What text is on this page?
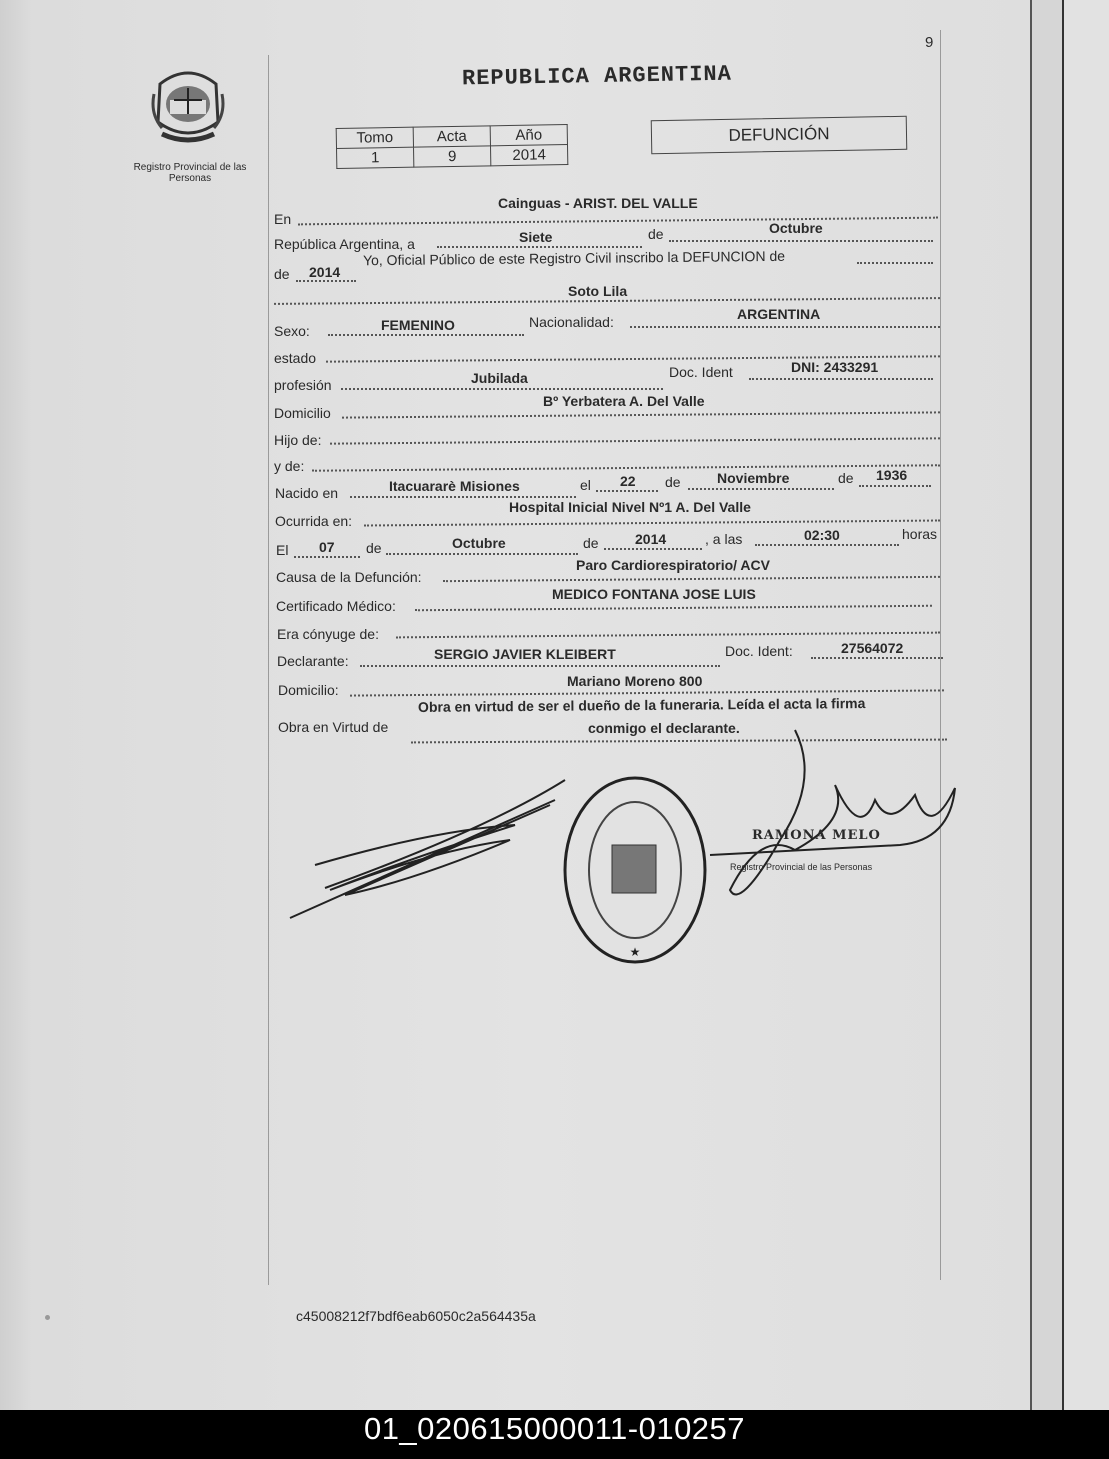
9
Registro Provincial de las Personas
REPUBLICA ARGENTINA
Tomo	Acta	Año
1	9	2014
DEFUNCIÓN
En
Cainguas - ARIST. DEL VALLE
República Argentina, a	Siete	de	Octubre
de 2014
Yo, Oficial Público de este Registro Civil inscribo la DEFUNCION de
Soto Lila
Sexo:	FEMENINO	Nacionalidad:	ARGENTINA
estado
profesión	Jubilada	Doc. Ident	DNI: 2433291
Domicilio
Bº Yerbatera A. Del Valle
Hijo de:
y de:
Nacido en	Itacuararè Misiones	el 22 de	Noviembre	de 1936
Ocurrida en:
Hospital Inicial Nivel Nº1 A. Del Valle
El 07 de	Octubre	de	2014	, a las	02:30	horas
Causa de la Defunción:
Paro Cardiorespiratorio/ ACV
Certificado Médico:
MEDICO FONTANA JOSE LUIS
Era cónyuge de:
Declarante:	SERGIO JAVIER KLEIBERT	Doc. Ident:	27564072
Domicilio:
Mariano Moreno 800
Obra en Virtud de
Obra en virtud de ser el dueño de la funeraria. Leída el acta la firma
conmigo el declarante.
★
RAMONA MELO
Registro Provincial de las Personas
c45008212f7bdf6eab6050c2a564435a
01_020615000011-010257
